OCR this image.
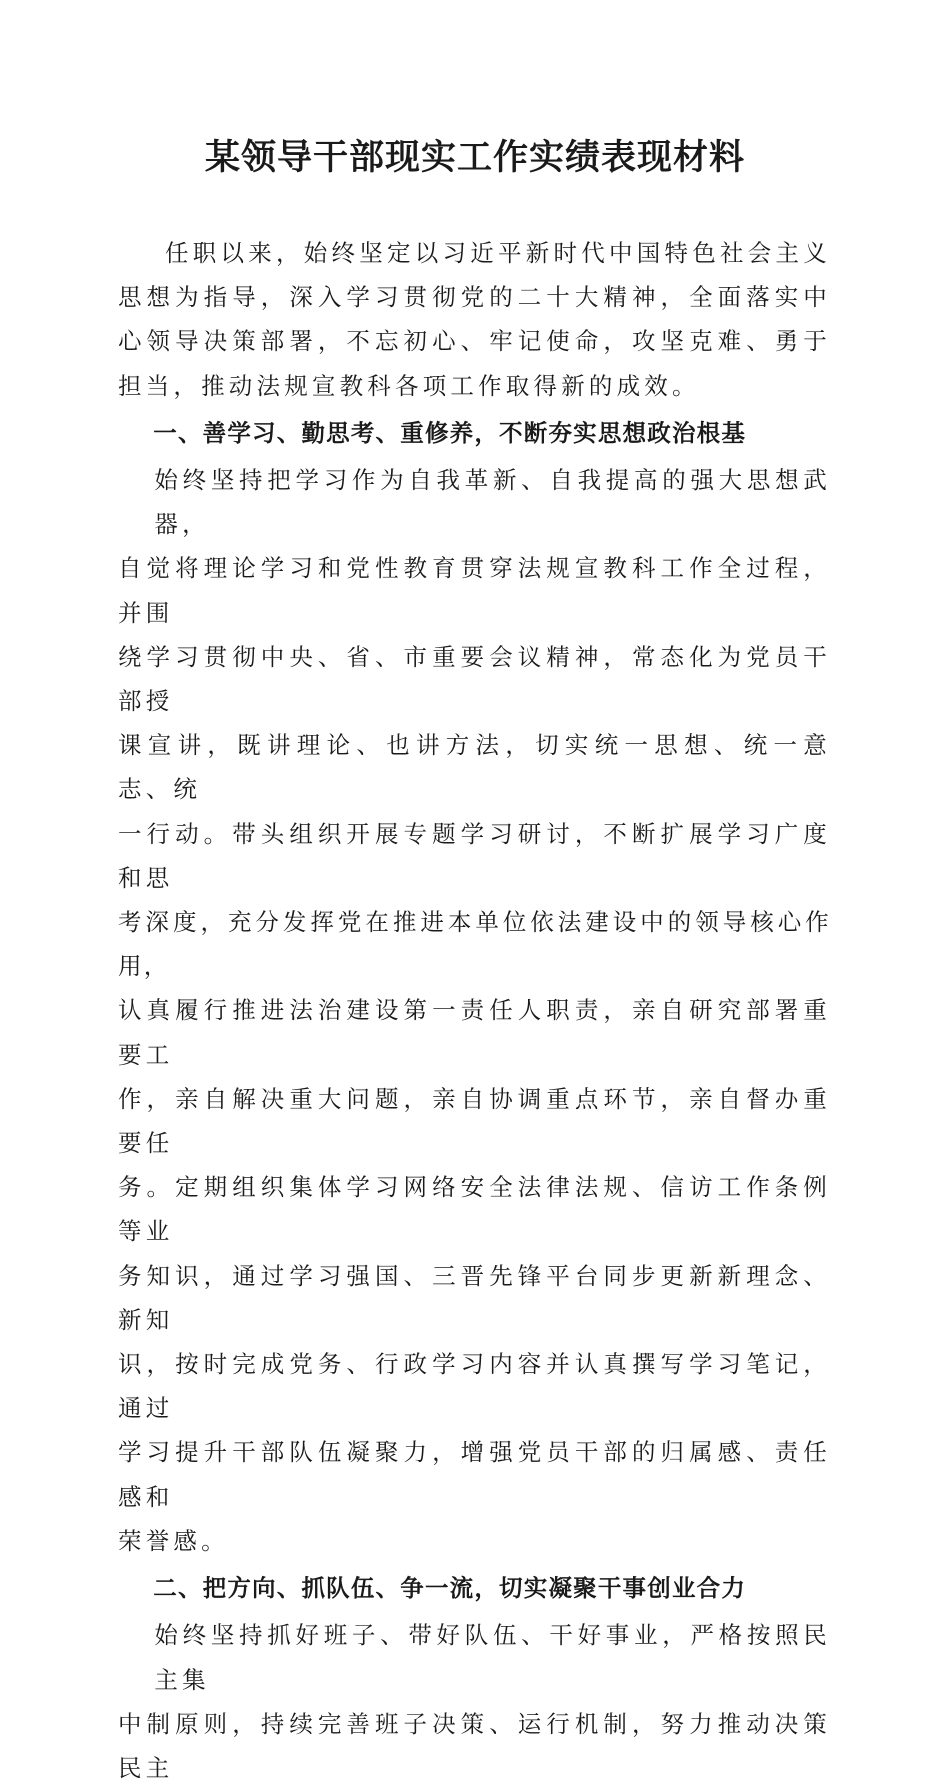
某领导干部现实工作实绩表现材料

任职以来，始终坚定以习近平新时代中国特色社会主义思想为指导，深入学习贯彻党的二十大精神，全面落实中心领导决策部署，不忘初心、牢记使命，攻坚克难、勇于担当，推动法规宣教科各项工作取得新的成效。

一、善学习、勤思考、重修养，不断夯实思想政治根基

始终坚持把学习作为自我革新、自我提高的强大思想武器，
自觉将理论学习和党性教育贯穿法规宣教科工作全过程，并围
绕学习贯彻中央、省、市重要会议精神，常态化为党员干部授
课宣讲，既讲理论、也讲方法，切实统一思想、统一意志、统
一行动。带头组织开展专题学习研讨，不断扩展学习广度和思
考深度，充分发挥党在推进本单位依法建设中的领导核心作用，
认真履行推进法治建设第一责任人职责，亲自研究部署重要工
作，亲自解决重大问题，亲自协调重点环节，亲自督办重要任
务。定期组织集体学习网络安全法律法规、信访工作条例等业
务知识，通过学习强国、三晋先锋平台同步更新新理念、新知
识，按时完成党务、行政学习内容并认真撰写学习笔记，通过
学习提升干部队伍凝聚力，增强党员干部的归属感、责任感和
荣誉感。

二、把方向、抓队伍、争一流，切实凝聚干事创业合力

始终坚持抓好班子、带好队伍、干好事业，严格按照民主集
中制原则，持续完善班子决策、运行机制，努力推动决策民主
